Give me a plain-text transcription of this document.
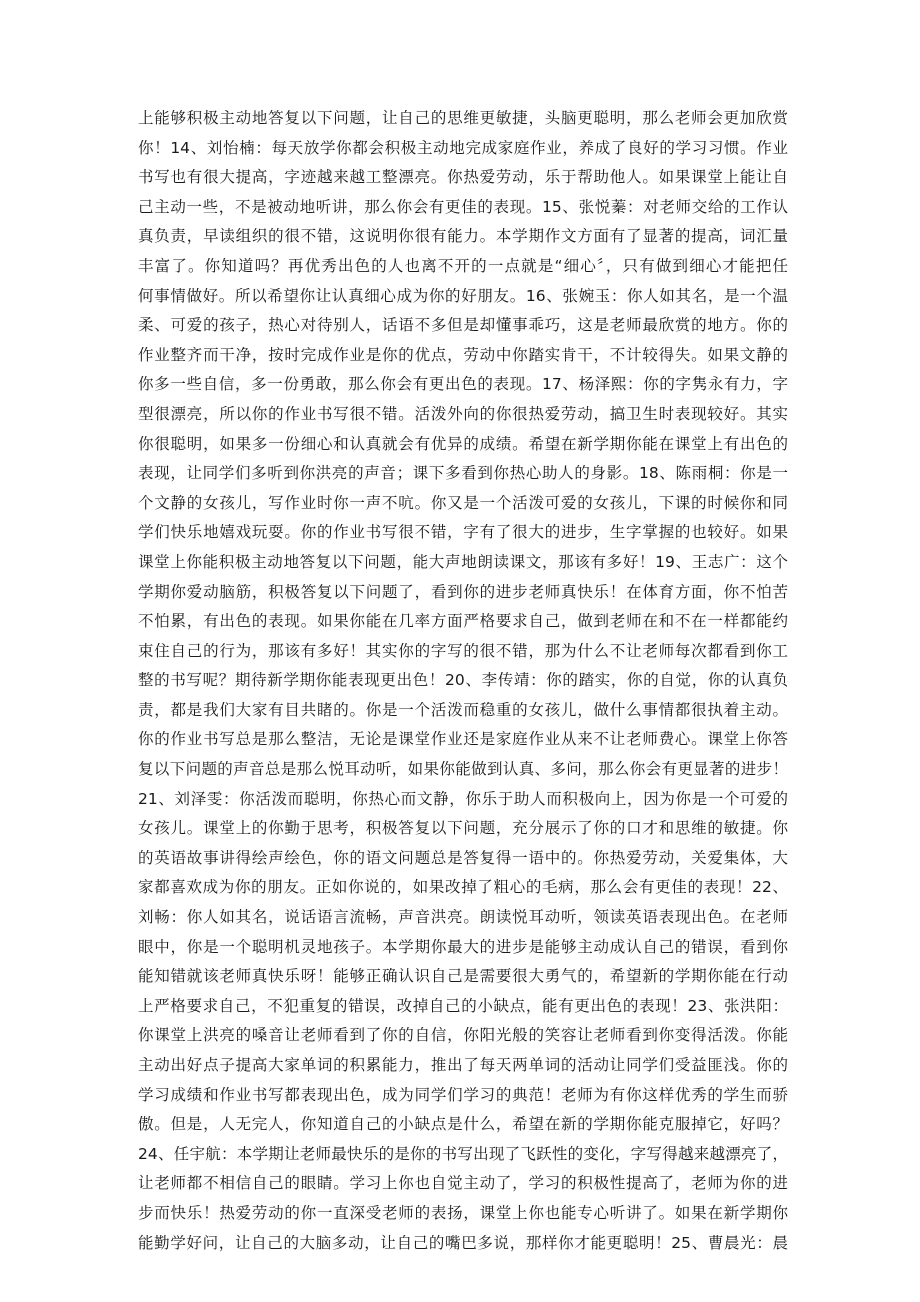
上能够积极主动地答复以下问题，让自己的思维更敏捷，头脑更聪明，那么老师会更加欣赏
你！14、刘怡楠：每天放学你都会积极主动地完成家庭作业，养成了良好的学习习惯。作业
书写也有很大提高，字迹越来越工整漂亮。你热爱劳动，乐于帮助他人。如果课堂上能让自
己主动一些，不是被动地听讲，那么你会有更佳的表现。15、张悦蓁：对老师交给的工作认
真负责，早读组织的很不错，这说明你很有能力。本学期作文方面有了显著的提高，词汇量
丰富了。你知道吗？再优秀出色的人也离不开的一点就是“细心〞，只有做到细心才能把任
何事情做好。所以希望你让认真细心成为你的好朋友。16、张婉玉：你人如其名，是一个温
柔、可爱的孩子，热心对待别人，话语不多但是却懂事乖巧，这是老师最欣赏的地方。你的
作业整齐而干净，按时完成作业是你的优点，劳动中你踏实肯干，不计较得失。如果文静的
你多一些自信，多一份勇敢，那么你会有更出色的表现。17、杨泽熙：你的字隽永有力，字
型很漂亮，所以你的作业书写很不错。活泼外向的你很热爱劳动，搞卫生时表现较好。其实
你很聪明，如果多一份细心和认真就会有优异的成绩。希望在新学期你能在课堂上有出色的
表现，让同学们多听到你洪亮的声音；课下多看到你热心助人的身影。18、陈雨桐：你是一
个文静的女孩儿，写作业时你一声不吭。你又是一个活泼可爱的女孩儿，下课的时候你和同
学们快乐地嬉戏玩耍。你的作业书写很不错，字有了很大的进步，生字掌握的也较好。如果
课堂上你能积极主动地答复以下问题，能大声地朗读课文，那该有多好！19、王志广：这个
学期你爱动脑筋，积极答复以下问题了，看到你的进步老师真快乐！在体育方面，你不怕苦
不怕累，有出色的表现。如果你能在几率方面严格要求自己，做到老师在和不在一样都能约
束住自己的行为，那该有多好！其实你的字写的很不错，那为什么不让老师每次都看到你工
整的书写呢？期待新学期你能表现更出色！20、李传靖：你的踏实，你的自觉，你的认真负
责，都是我们大家有目共睹的。你是一个活泼而稳重的女孩儿，做什么事情都很执着主动。
你的作业书写总是那么整洁，无论是课堂作业还是家庭作业从来不让老师费心。课堂上你答
复以下问题的声音总是那么悦耳动听，如果你能做到认真、多问，那么你会有更显著的进步！
21、刘泽雯：你活泼而聪明，你热心而文静，你乐于助人而积极向上，因为你是一个可爱的
女孩儿。课堂上的你勤于思考，积极答复以下问题，充分展示了你的口才和思维的敏捷。你
的英语故事讲得绘声绘色，你的语文问题总是答复得一语中的。你热爱劳动，关爱集体，大
家都喜欢成为你的朋友。正如你说的，如果改掉了粗心的毛病，那么会有更佳的表现！22、
刘畅：你人如其名，说话语言流畅，声音洪亮。朗读悦耳动听，领读英语表现出色。在老师
眼中，你是一个聪明机灵地孩子。本学期你最大的进步是能够主动成认自己的错误，看到你
能知错就该老师真快乐呀！能够正确认识自己是需要很大勇气的，希望新的学期你能在行动
上严格要求自己，不犯重复的错误，改掉自己的小缺点，能有更出色的表现！23、张洪阳：
你课堂上洪亮的嗓音让老师看到了你的自信，你阳光般的笑容让老师看到你变得活泼。你能
主动出好点子提高大家单词的积累能力，推出了每天两单词的活动让同学们受益匪浅。你的
学习成绩和作业书写都表现出色，成为同学们学习的典范！老师为有你这样优秀的学生而骄
傲。但是，人无完人，你知道自己的小缺点是什么，希望在新的学期你能克服掉它，好吗？
24、任宇航：本学期让老师最快乐的是你的书写出现了飞跃性的变化，字写得越来越漂亮了，
让老师都不相信自己的眼睛。学习上你也自觉主动了，学习的积极性提高了，老师为你的进
步而快乐！热爱劳动的你一直深受老师的表扬，课堂上你也能专心听讲了。如果在新学期你
能勤学好问，让自己的大脑多动，让自己的嘴巴多说，那样你才能更聪明！25、曹晨光：晨
